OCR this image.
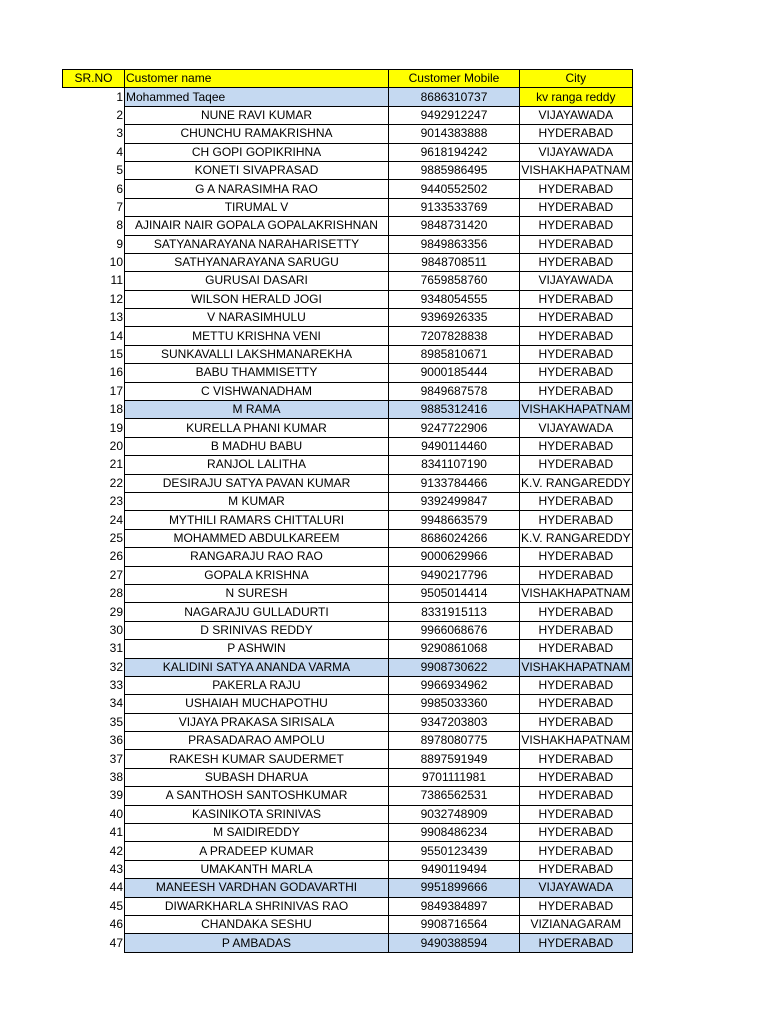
SR.NO	Customer name	Customer Mobile	City
1	Mohammed Taqee	8686310737	kv ranga reddy
2	NUNE RAVI KUMAR	9492912247	VIJAYAWADA
3	CHUNCHU RAMAKRISHNA	9014383888	HYDERABAD
4	CH GOPI GOPIKRIHNA	9618194242	VIJAYAWADA
5	KONETI SIVAPRASAD	9885986495	VISHAKHAPATNAM
6	G A NARASIMHA RAO	9440552502	HYDERABAD
7	TIRUMAL V	9133533769	HYDERABAD
8	AJINAIR NAIR GOPALA GOPALAKRISHNAN	9848731420	HYDERABAD
9	SATYANARAYANA NARAHARISETTY	9849863356	HYDERABAD
10	SATHYANARAYANA SARUGU	9848708511	HYDERABAD
11	GURUSAI DASARI	7659858760	VIJAYAWADA
12	WILSON HERALD JOGI	9348054555	HYDERABAD
13	V NARASIMHULU	9396926335	HYDERABAD
14	METTU KRISHNA VENI	7207828838	HYDERABAD
15	SUNKAVALLI LAKSHMANAREKHA	8985810671	HYDERABAD
16	BABU THAMMISETTY	9000185444	HYDERABAD
17	C VISHWANADHAM	9849687578	HYDERABAD
18	M RAMA	9885312416	VISHAKHAPATNAM
19	KURELLA PHANI KUMAR	9247722906	VIJAYAWADA
20	B MADHU BABU	9490114460	HYDERABAD
21	RANJOL LALITHA	8341107190	HYDERABAD
22	DESIRAJU SATYA PAVAN KUMAR	9133784466	K.V. RANGAREDDY
23	M KUMAR	9392499847	HYDERABAD
24	MYTHILI RAMARS CHITTALURI	9948663579	HYDERABAD
25	MOHAMMED ABDULKAREEM	8686024266	K.V. RANGAREDDY
26	RANGARAJU RAO RAO	9000629966	HYDERABAD
27	GOPALA KRISHNA	9490217796	HYDERABAD
28	N SURESH	9505014414	VISHAKHAPATNAM
29	NAGARAJU GULLADURTI	8331915113	HYDERABAD
30	D SRINIVAS REDDY	9966068676	HYDERABAD
31	P ASHWIN	9290861068	HYDERABAD
32	KALIDINI SATYA ANANDA VARMA	9908730622	VISHAKHAPATNAM
33	PAKERLA RAJU	9966934962	HYDERABAD
34	USHAIAH MUCHAPOTHU	9985033360	HYDERABAD
35	VIJAYA PRAKASA SIRISALA	9347203803	HYDERABAD
36	PRASADARAO AMPOLU	8978080775	VISHAKHAPATNAM
37	RAKESH KUMAR SAUDERMET	8897591949	HYDERABAD
38	SUBASH DHARUA	9701111981	HYDERABAD
39	A SANTHOSH SANTOSHKUMAR	7386562531	HYDERABAD
40	KASINIKOTA SRINIVAS	9032748909	HYDERABAD
41	M SAIDIREDDY	9908486234	HYDERABAD
42	A PRADEEP KUMAR	9550123439	HYDERABAD
43	UMAKANTH MARLA	9490119494	HYDERABAD
44	MANEESH VARDHAN GODAVARTHI	9951899666	VIJAYAWADA
45	DIWARKHARLA SHRINIVAS RAO	9849384897	HYDERABAD
46	CHANDAKA SESHU	9908716564	VIZIANAGARAM
47	P AMBADAS	9490388594	HYDERABAD
